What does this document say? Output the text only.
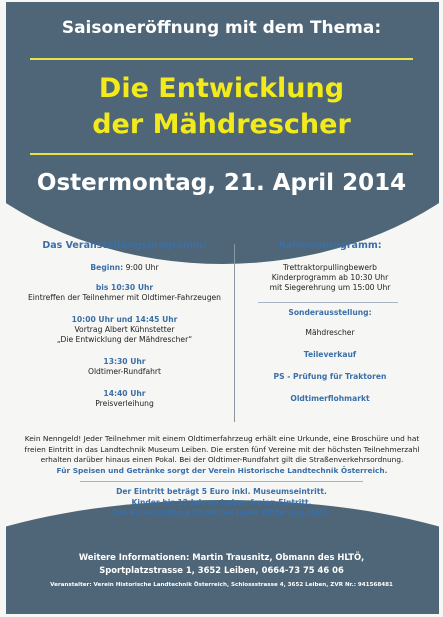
Saisoneröffnung mit dem Thema:
Die Entwicklung
der Mähdrescher
Ostermontag, 21. April 2014
Das Veranstaltungsprogramm:
Beginn: 9:00 Uhr
bis 10:30 Uhr
Eintreffen der Teilnehmer mit Oldtimer-Fahrzeugen
10:00 Uhr und 14:45 Uhr
Vortrag Albert Kühnstetter
„Die Entwicklung der Mähdrescher“
13:30 Uhr
Oldtimer-Rundfahrt
14:40 Uhr
Preisverleihung
Rahmenprogramm:
Trettraktorpullingbewerb
Kinderprogramm ab 10:30 Uhr
mit Siegerehrung um 15:00 Uhr
Sonderausstellung:
Mähdrescher
Teileverkauf
PS - Prüfung für Traktoren
Oldtimerflohmarkt
Kein Nenngeld! Jeder Teilnehmer mit einem Oldtimerfahrzeug erhält eine Urkunde, eine Broschüre und hat
freien Eintritt in das Landtechnik Museum Leiben. Die ersten fünf Vereine mit der höchsten Teilnehmerzahl
erhalten darüber hinaus einen Pokal. Bei der Oldtimer-Rundfahrt gilt die Straßenverkehrsordnung.
Für Speisen und Getränke sorgt der Verein Historische Landtechnik Österreich.
Der Eintritt beträgt 5 Euro inkl. Museumseintritt.
Kinder bis 12 Jahren haben freien Eintritt.
Die Veranstaltung findet bei jeder Witterung statt.
Weitere Informationen: Martin Trausnitz, Obmann des HLTÖ,
Sportplatzstrasse 1, 3652 Leiben, 0664-73 75 46 06
Veranstalter: Verein Historische Landtechnik Österreich, Schlossstrasse 4, 3652 Leiben, ZVR Nr.: 941568481
